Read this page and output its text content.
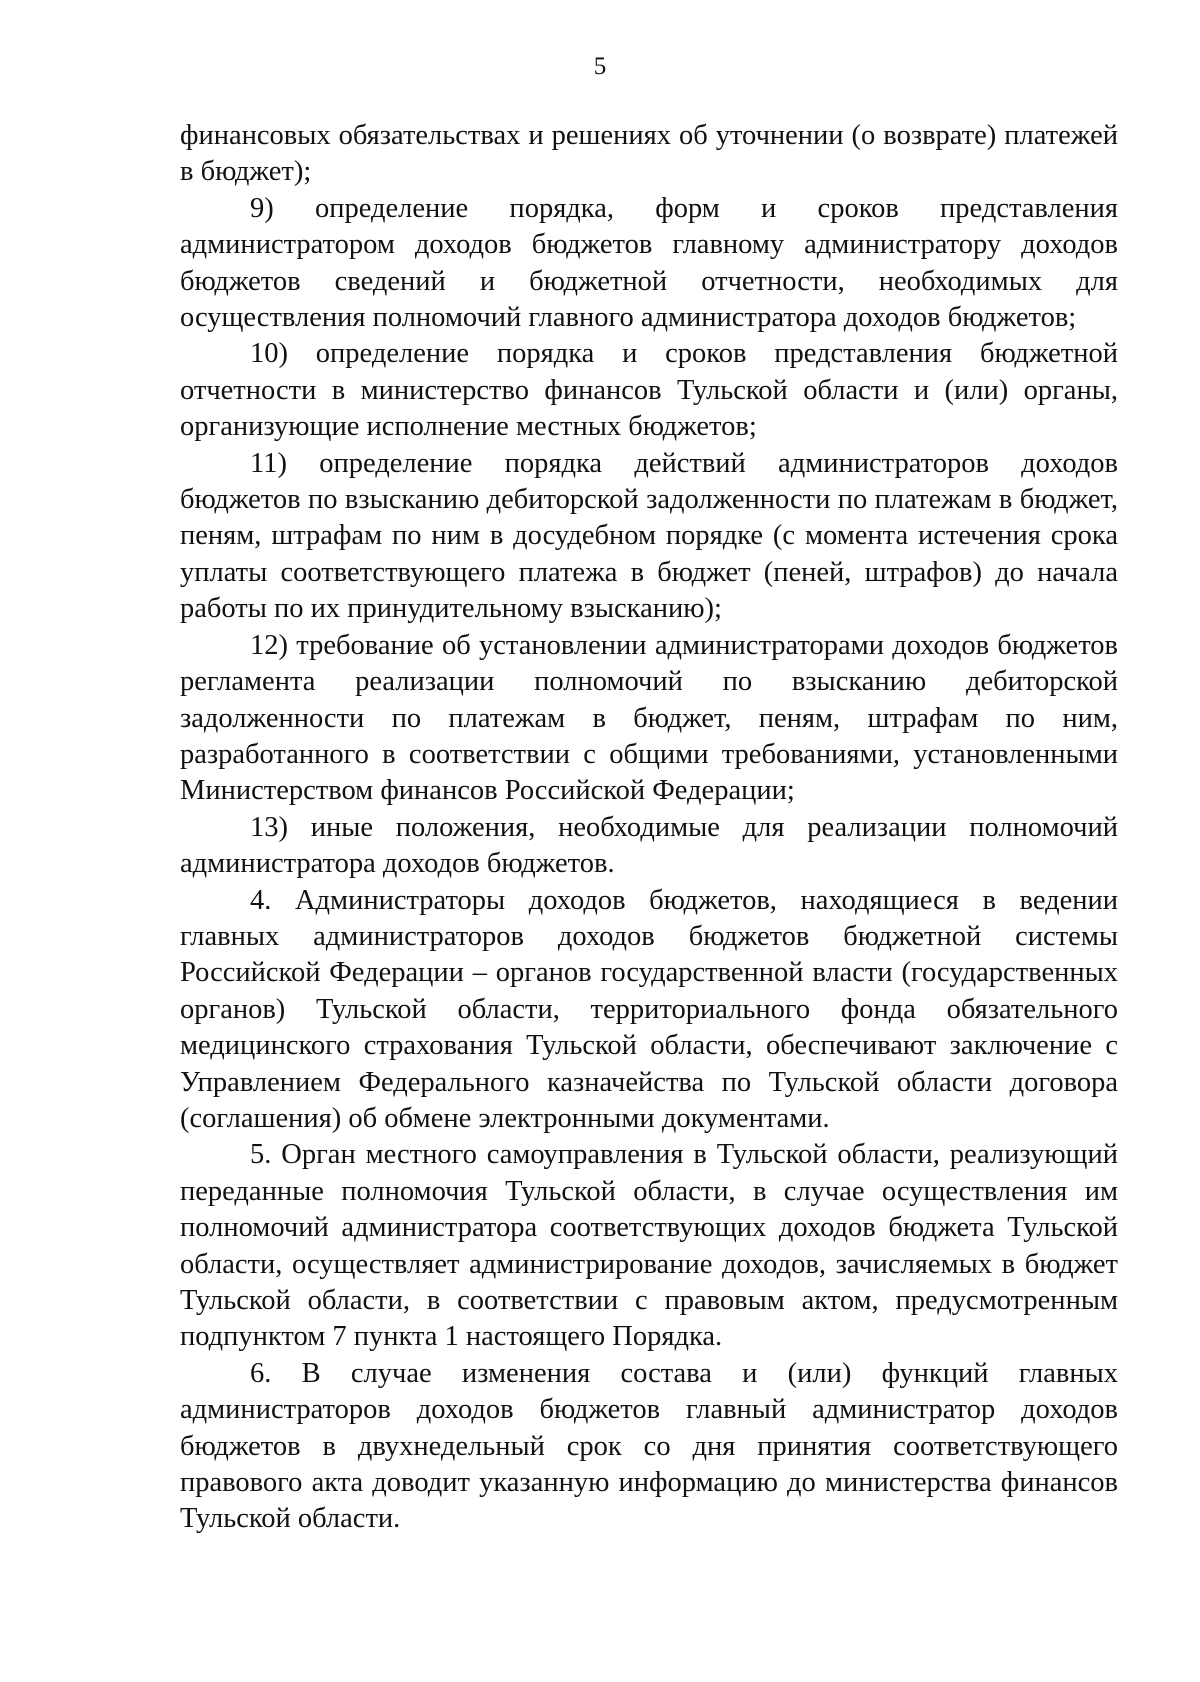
5

финансовых обязательствах и решениях об уточнении (о возврате) платежей в бюджет);

9) определение порядка, форм и сроков представления администратором доходов бюджетов главному администратору доходов бюджетов сведений и бюджетной отчетности, необходимых для осуществления полномочий главного администратора доходов бюджетов;

10) определение порядка и сроков представления бюджетной отчетности в министерство финансов Тульской области и (или) органы, организующие исполнение местных бюджетов;

11) определение порядка действий администраторов доходов бюджетов по взысканию дебиторской задолженности по платежам в бюджет, пеням, штрафам по ним в досудебном порядке (с момента истечения срока уплаты соответствующего платежа в бюджет (пеней, штрафов) до начала работы по их принудительному взысканию);

12) требование об установлении администраторами доходов бюджетов регламента реализации полномочий по взысканию дебиторской задолженности по платежам в бюджет, пеням, штрафам по ним, разработанного в соответствии с общими требованиями, установленными Министерством финансов Российской Федерации;

13) иные положения, необходимые для реализации полномочий администратора доходов бюджетов.

4. Администраторы доходов бюджетов, находящиеся в ведении главных администраторов доходов бюджетов бюджетной системы Российской Федерации – органов государственной власти (государственных органов) Тульской области, территориального фонда обязательного медицинского страхования Тульской области, обеспечивают заключение с Управлением Федерального казначейства по Тульской области договора (соглашения) об обмене электронными документами.

5. Орган местного самоуправления в Тульской области, реализующий переданные полномочия Тульской области, в случае осуществления им полномочий администратора соответствующих доходов бюджета Тульской области, осуществляет администрирование доходов, зачисляемых в бюджет Тульской области, в соответствии с правовым актом, предусмотренным подпунктом 7 пункта 1 настоящего Порядка.

6. В случае изменения состава и (или) функций главных администраторов доходов бюджетов главный администратор доходов бюджетов в двухнедельный срок со дня принятия соответствующего правового акта доводит указанную информацию до министерства финансов Тульской области.
